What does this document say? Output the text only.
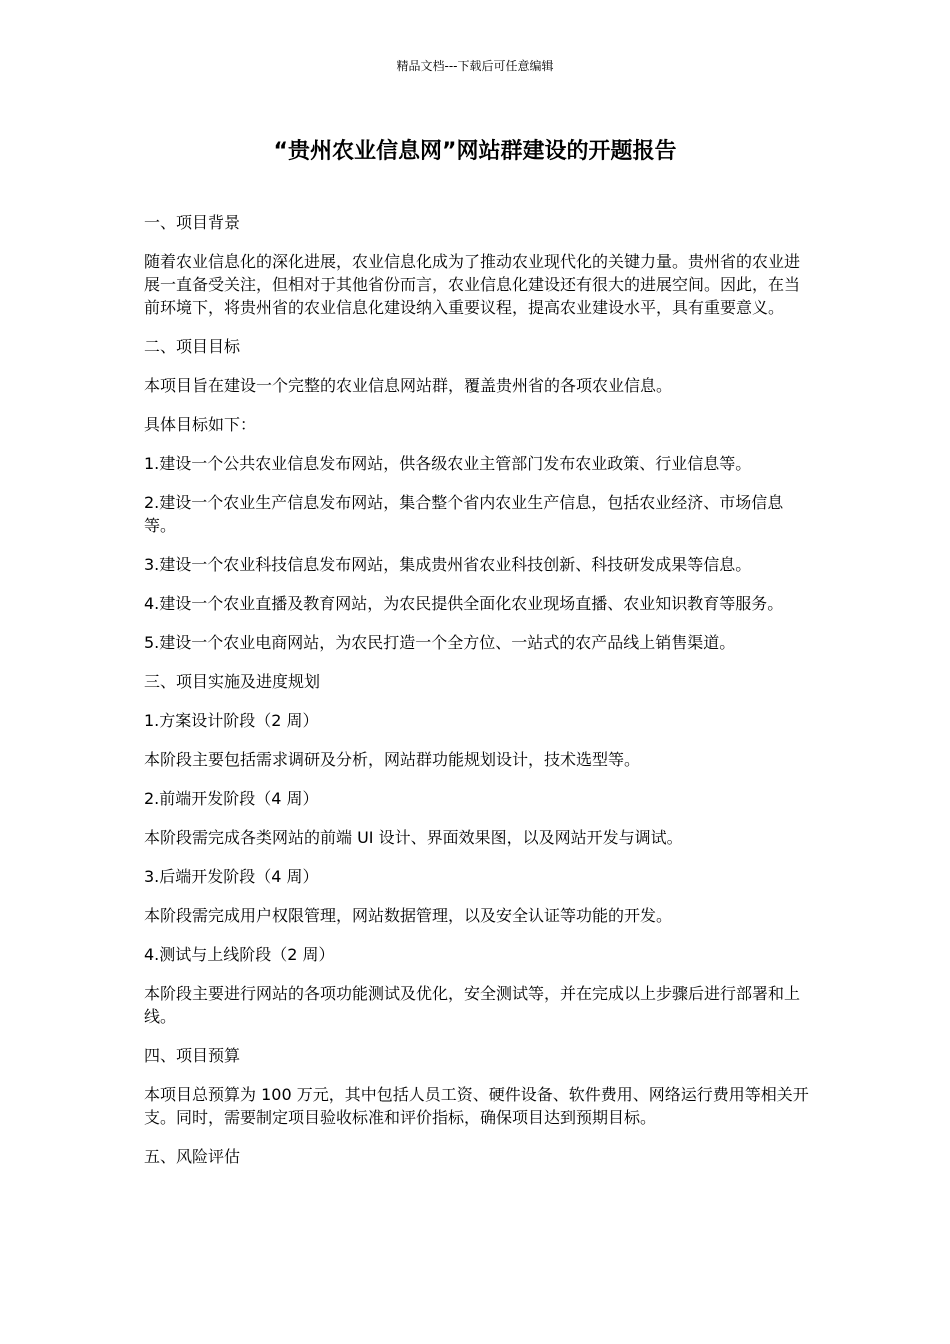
精品文档---下载后可任意编辑
“贵州农业信息网”网站群建设的开题报告

一、项目背景

随着农业信息化的深化进展，农业信息化成为了推动农业现代化的关键力量。贵州省的农业进展一直备受关注，但相对于其他省份而言，农业信息化建设还有很大的进展空间。因此，在当前环境下，将贵州省的农业信息化建设纳入重要议程，提高农业建设水平，具有重要意义。

二、项目目标

本项目旨在建设一个完整的农业信息网站群，覆盖贵州省的各项农业信息。

具体目标如下：

1.建设一个公共农业信息发布网站，供各级农业主管部门发布农业政策、行业信息等。

2.建设一个农业生产信息发布网站，集合整个省内农业生产信息，包括农业经济、市场信息等。

3.建设一个农业科技信息发布网站，集成贵州省农业科技创新、科技研发成果等信息。

4.建设一个农业直播及教育网站，为农民提供全面化农业现场直播、农业知识教育等服务。

5.建设一个农业电商网站，为农民打造一个全方位、一站式的农产品线上销售渠道。

三、项目实施及进度规划

1.方案设计阶段（2 周）

本阶段主要包括需求调研及分析，网站群功能规划设计，技术选型等。

2.前端开发阶段（4 周）

本阶段需完成各类网站的前端 UI 设计、界面效果图，以及网站开发与调试。

3.后端开发阶段（4 周）

本阶段需完成用户权限管理，网站数据管理，以及安全认证等功能的开发。

4.测试与上线阶段（2 周）

本阶段主要进行网站的各项功能测试及优化，安全测试等，并在完成以上步骤后进行部署和上线。

四、项目预算

本项目总预算为 100 万元，其中包括人员工资、硬件设备、软件费用、网络运行费用等相关开支。同时，需要制定项目验收标准和评价指标，确保项目达到预期目标。

五、风险评估
